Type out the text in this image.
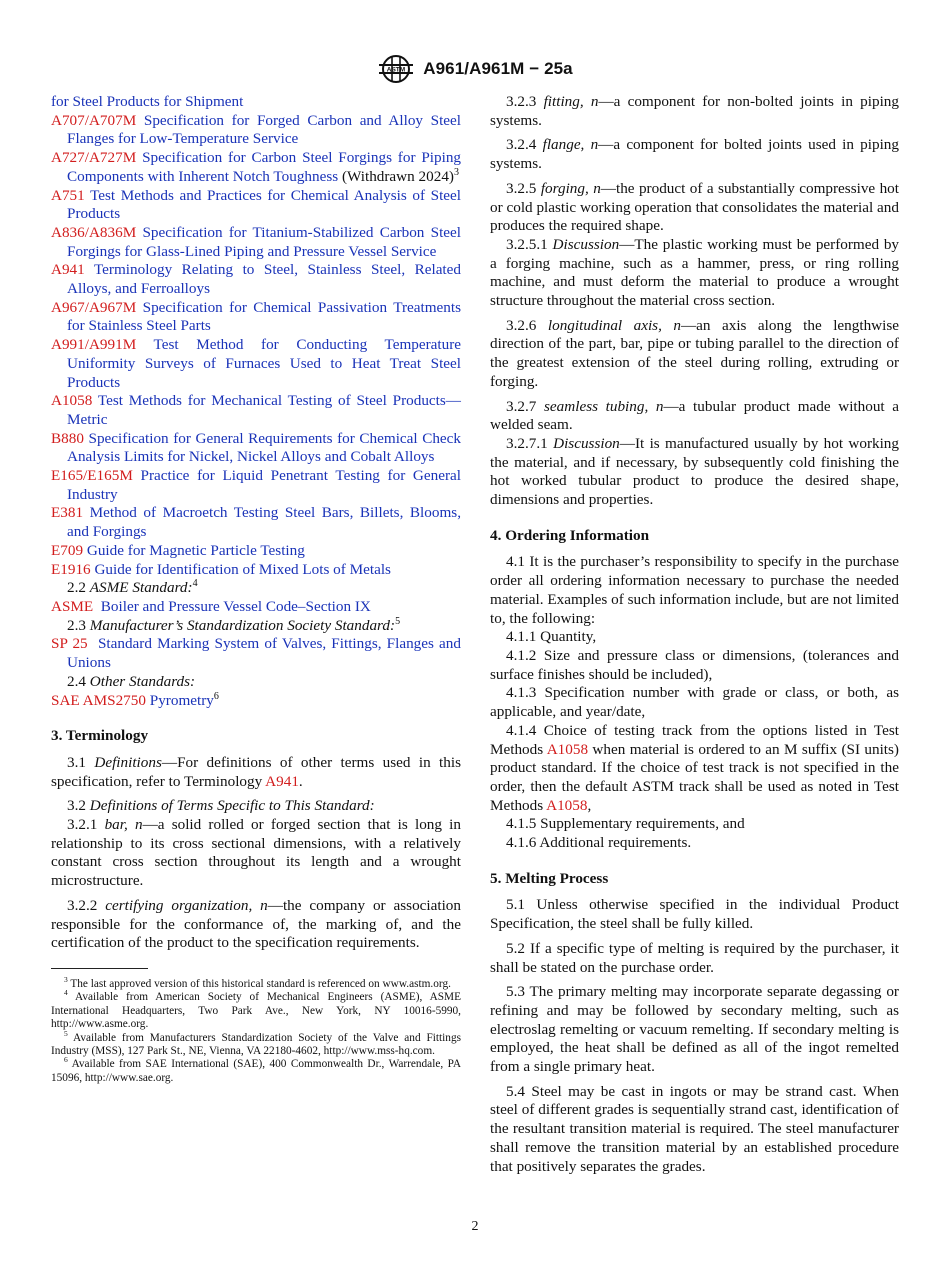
ASTM A961/A961M − 25a

for Steel Products for Shipment

A707/A707M Specification for Forged Carbon and Alloy Steel Flanges for Low-Temperature Service

A727/A727M Specification for Carbon Steel Forgings for Piping Components with Inherent Notch Toughness (Withdrawn 2024)$^3$

A751 Test Methods and Practices for Chemical Analysis of Steel Products

A836/A836M Specification for Titanium-Stabilized Carbon Steel Forgings for Glass-Lined Piping and Pressure Vessel Service

A941 Terminology Relating to Steel, Stainless Steel, Related Alloys, and Ferroalloys

A967/A967M Specification for Chemical Passivation Treatments for Stainless Steel Parts

A991/A991M Test Method for Conducting Temperature Uniformity Surveys of Furnaces Used to Heat Treat Steel Products

A1058 Test Methods for Mechanical Testing of Steel Products—Metric

B880 Specification for General Requirements for Chemical Check Analysis Limits for Nickel, Nickel Alloys and Cobalt Alloys

E165/E165M Practice for Liquid Penetrant Testing for General Industry

E381 Method of Macroetch Testing Steel Bars, Billets, Blooms, and Forgings

E709 Guide for Magnetic Particle Testing

E1916 Guide for Identification of Mixed Lots of Metals

2.2 ASME Standard:$^4$

ASME Boiler and Pressure Vessel Code–Section IX

2.3 Manufacturer’s Standardization Society Standard:$^5$

SP 25 Standard Marking System of Valves, Fittings, Flanges and Unions

2.4 Other Standards:

SAE AMS2750 Pyrometry$^6$

3. Terminology

3.1 Definitions—For definitions of other terms used in this specification, refer to Terminology A941.

3.2 Definitions of Terms Specific to This Standard:

3.2.1 bar, n—a solid rolled or forged section that is long in relationship to its cross sectional dimensions, with a relatively constant cross section throughout its length and a wrought microstructure.

3.2.2 certifying organization, n—the company or association responsible for the conformance of, the marking of, and the certification of the product to the specification requirements.

$^3$ The last approved version of this historical standard is referenced on www.astm.org.

$^4$ Available from American Society of Mechanical Engineers (ASME), ASME International Headquarters, Two Park Ave., New York, NY 10016-5990, http://www.asme.org.

$^5$ Available from Manufacturers Standardization Society of the Valve and Fittings Industry (MSS), 127 Park St., NE, Vienna, VA 22180-4602, http://www.mss-hq.com.

$^6$ Available from SAE International (SAE), 400 Commonwealth Dr., Warrendale, PA 15096, http://www.sae.org.

3.2.3 fitting, n—a component for non-bolted joints in piping systems.

3.2.4 flange, n—a component for bolted joints used in piping systems.

3.2.5 forging, n—the product of a substantially compressive hot or cold plastic working operation that consolidates the material and produces the required shape.

3.2.5.1 Discussion—The plastic working must be performed by a forging machine, such as a hammer, press, or ring rolling machine, and must deform the material to produce a wrought structure throughout the material cross section.

3.2.6 longitudinal axis, n—an axis along the lengthwise direction of the part, bar, pipe or tubing parallel to the direction of the greatest extension of the steel during rolling, extruding or forging.

3.2.7 seamless tubing, n—a tubular product made without a welded seam.

3.2.7.1 Discussion—It is manufactured usually by hot working the material, and if necessary, by subsequently cold finishing the hot worked tubular product to produce the desired shape, dimensions and properties.

4. Ordering Information

4.1 It is the purchaser’s responsibility to specify in the purchase order all ordering information necessary to purchase the needed material. Examples of such information include, but are not limited to, the following:

4.1.1 Quantity,

4.1.2 Size and pressure class or dimensions, (tolerances and surface finishes should be included),

4.1.3 Specification number with grade or class, or both, as applicable, and year/date,

4.1.4 Choice of testing track from the options listed in Test Methods A1058 when material is ordered to an M suffix (SI units) product standard. If the choice of test track is not specified in the order, then the default ASTM track shall be used as noted in Test Methods A1058,

4.1.5 Supplementary requirements, and

4.1.6 Additional requirements.

5. Melting Process

5.1 Unless otherwise specified in the individual Product Specification, the steel shall be fully killed.

5.2 If a specific type of melting is required by the purchaser, it shall be stated on the purchase order.

5.3 The primary melting may incorporate separate degassing or refining and may be followed by secondary melting, such as electroslag remelting or vacuum remelting. If secondary melting is employed, the heat shall be defined as all of the ingot remelted from a single primary heat.

5.4 Steel may be cast in ingots or may be strand cast. When steel of different grades is sequentially strand cast, identification of the resultant transition material is required. The steel manufacturer shall remove the transition material by an established procedure that positively separates the grades.

2
